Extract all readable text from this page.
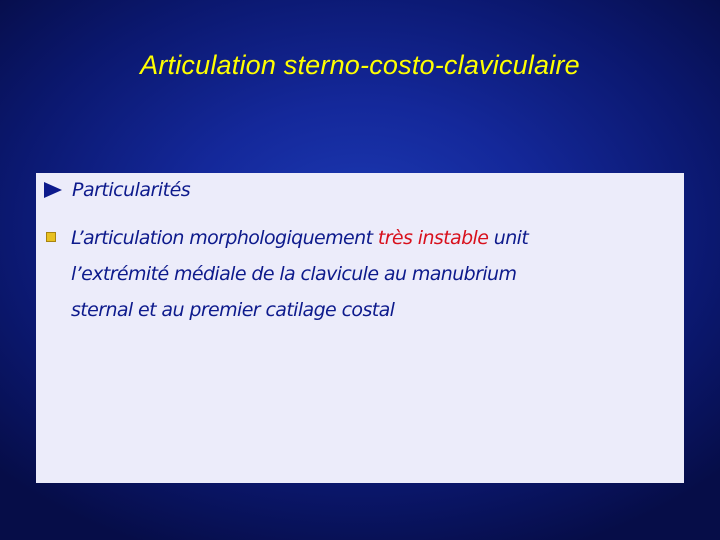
Articulation sterno-costo-claviculaire
Particularités
L’articulation morphologiquement très instable unit
l’extrémité médiale de la clavicule au manubrium
sternal et au premier catilage costal
